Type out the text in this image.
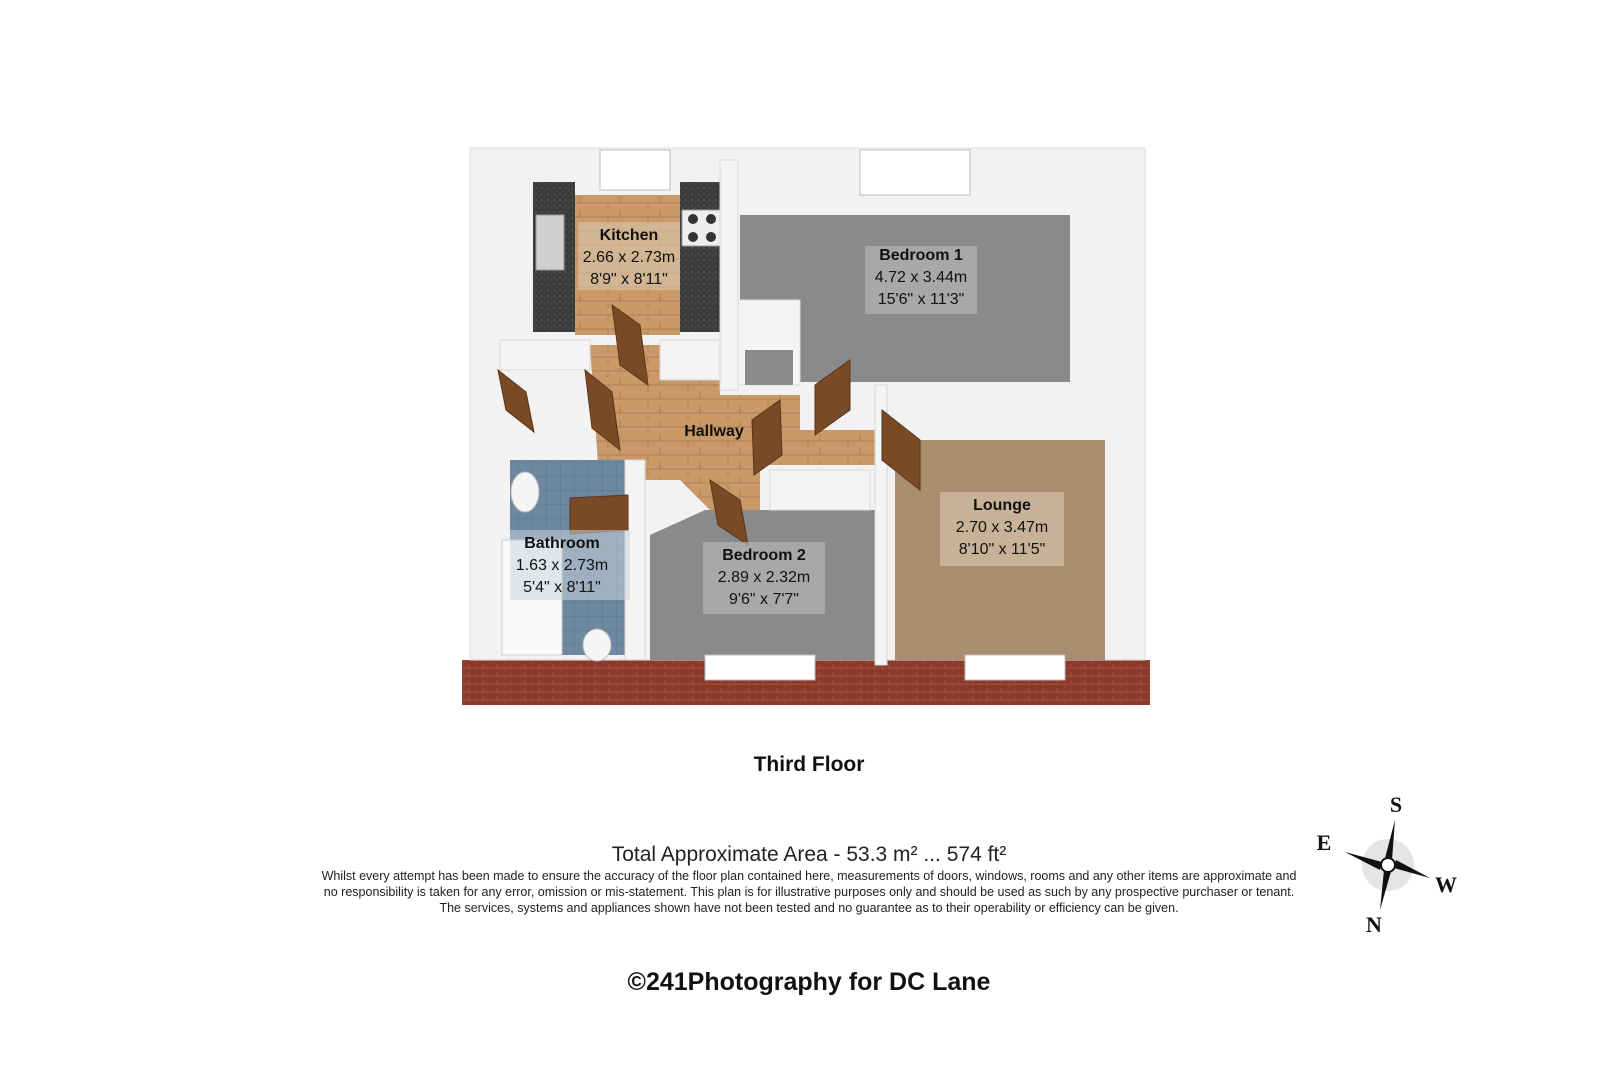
Kitchen
2.66 x 2.73m
8'9" x 8'11"
Bedroom 1
4.72 x 3.44m
15'6" x 11'3"
Hallway
Lounge
2.70 x 3.47m
8'10" x 11'5"
Bathroom
1.63 x 2.73m
5'4" x 8'11"
Bedroom 2
2.89 x 2.32m
9'6" x 7'7"
S
E
W
N
Third Floor
Total Approximate Area - 53.3 m² ... 574 ft²
Whilst every attempt has been made to ensure the accuracy of the floor plan contained here, measurements of doors, windows, rooms and any other items are approximate and
no responsibility is taken for any error, omission or mis-statement. This plan is for illustrative purposes only and should be used as such by any prospective purchaser or tenant.
The services, systems and appliances shown have not been tested and no guarantee as to their operability or efficiency can be given.
©241Photography for DC Lane
